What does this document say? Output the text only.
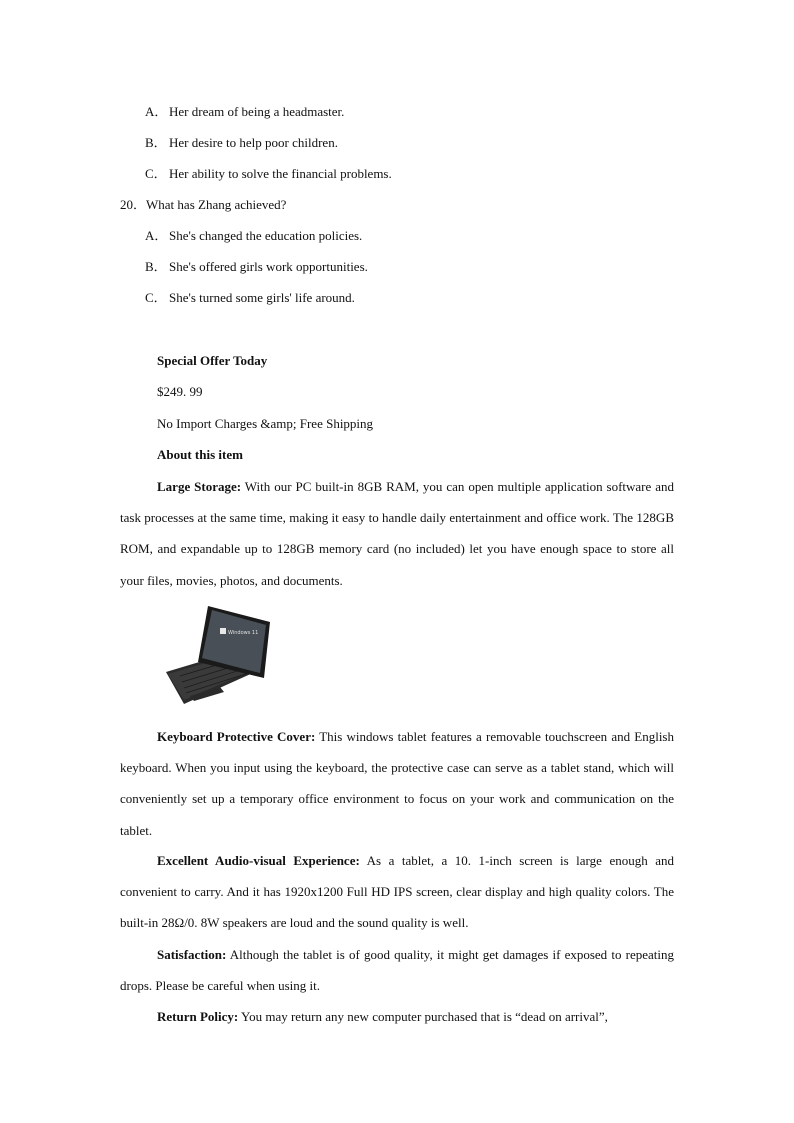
A． Her dream of being a headmaster.
B． Her desire to help poor children.
C． Her ability to solve the financial problems.
20．What has Zhang achieved?
A． She's changed the education policies.
B． She's offered girls work opportunities.
C． She's turned some girls' life around.
Special Offer Today
$249. 99
No Import Charges &amp; Free Shipping
About this item
Large Storage: With our PC built-in 8GB RAM, you can open multiple application software and task processes at the same time, making it easy to handle daily entertainment and office work. The 128GB ROM, and expandable up to 128GB memory card (no included) let you have enough space to store all your files, movies, photos, and documents.
Windows 11
Keyboard Protective Cover: This windows tablet features a removable touchscreen and English keyboard. When you input using the keyboard, the protective case can serve as a tablet stand, which will conveniently set up a temporary office environment to focus on your work and communication on the tablet.
Excellent Audio-visual Experience: As a tablet, a 10. 1-inch screen is large enough and convenient to carry. And it has 1920x1200 Full HD IPS screen, clear display and high quality colors. The built-in 28Ω/0. 8W speakers are loud and the sound quality is well.
Satisfaction: Although the tablet is of good quality, it might get damages if exposed to repeating drops. Please be careful when using it.
Return Policy: You may return any new computer purchased that is “dead on arrival”,
